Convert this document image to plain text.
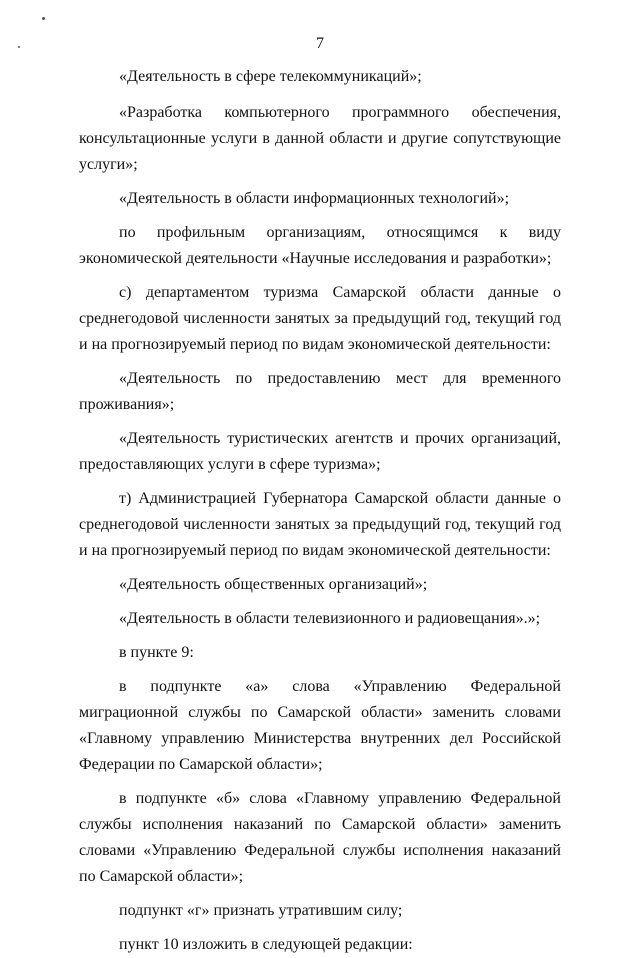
7

«Деятельность в сфере телекоммуникаций»;

«Разработка компьютерного программного обеспечения, консультационные услуги в данной области и другие сопутствующие услуги»;

«Деятельность в области информационных технологий»;

по профильным организациям, относящимся к виду экономической деятельности «Научные исследования и разработки»;

с) департаментом туризма Самарской области данные о среднегодовой численности занятых за предыдущий год, текущий год и на прогнозируемый период по видам экономической деятельности:

«Деятельность по предоставлению мест для временного проживания»;

«Деятельность туристических агентств и прочих организаций, предоставляющих услуги в сфере туризма»;

т) Администрацией Губернатора Самарской области данные о среднегодовой численности занятых за предыдущий год, текущий год и на прогнозируемый период по видам экономической деятельности:

«Деятельность общественных организаций»;

«Деятельность в области телевизионного и радиовещания».»;

в пункте 9:

в подпункте «а» слова «Управлению Федеральной миграционной службы по Самарской области» заменить словами «Главному управлению Министерства внутренних дел Российской Федерации по Самарской области»;

в подпункте «б» слова «Главному управлению Федеральной службы исполнения наказаний по Самарской области» заменить словами «Управлению Федеральной службы исполнения наказаний по Самарской области»;

подпункт «г» признать утратившим силу;

пункт 10 изложить в следующей редакции:
